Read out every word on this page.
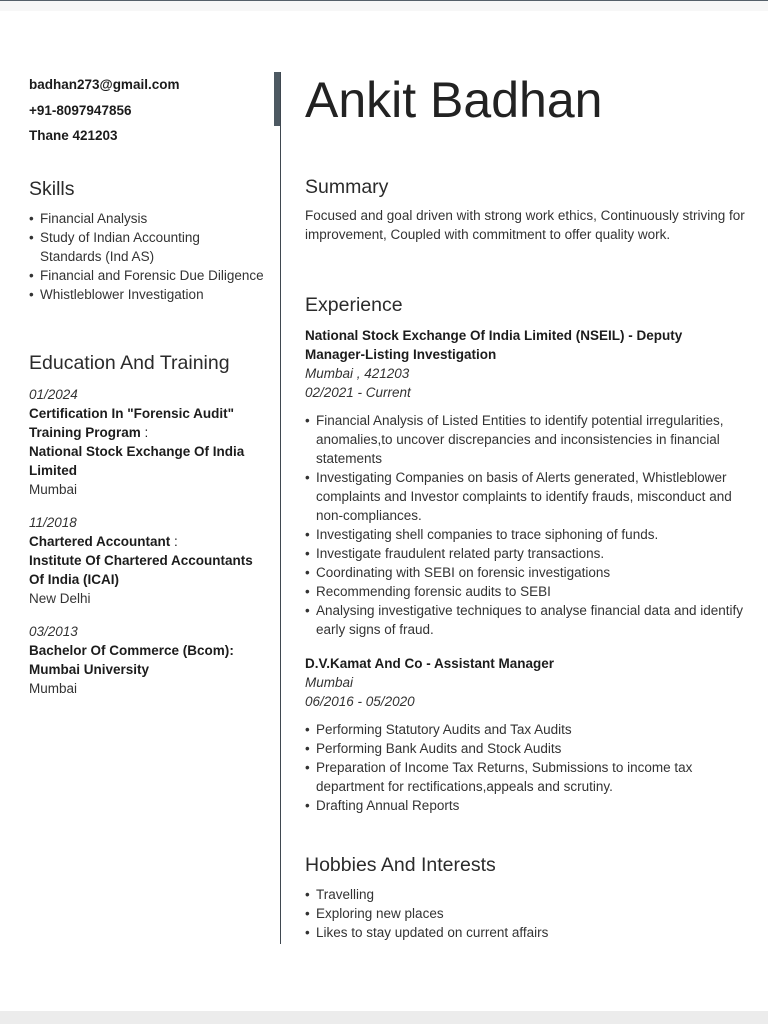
badhan273@gmail.com
+91-8097947856
Thane 421203
Skills
• Financial Analysis
• Study of Indian Accounting Standards (Ind AS)
• Financial and Forensic Due Diligence
• Whistleblower Investigation
Education And Training
01/2024
Certification In "Forensic Audit" Training Program :
National Stock Exchange Of India Limited
Mumbai
11/2018
Chartered Accountant :
Institute Of Chartered Accountants Of India (ICAI)
New Delhi
03/2013
Bachelor Of Commerce (Bcom):
Mumbai University
Mumbai
Ankit Badhan
Summary

Focused and goal driven with strong work ethics, Continuously striving for improvement, Coupled with commitment to offer quality work.

Experience
National Stock Exchange Of India Limited (NSEIL) - Deputy Manager-Listing Investigation
Mumbai , 421203
02/2021 - Current
• Financial Analysis of Listed Entities to identify potential irregularities, anomalies,to uncover discrepancies and inconsistencies in financial statements
• Investigating Companies on basis of Alerts generated, Whistleblower complaints and Investor complaints to identify frauds, misconduct and non-compliances.
• Investigating shell companies to trace siphoning of funds.
• Investigate fraudulent related party transactions.
• Coordinating with SEBI on forensic investigations
• Recommending forensic audits to SEBI
• Analysing investigative techniques to analyse financial data and identify early signs of fraud.
D.V.Kamat And Co - Assistant Manager
Mumbai
06/2016 - 05/2020
• Performing Statutory Audits and Tax Audits
• Performing Bank Audits and Stock Audits
• Preparation of Income Tax Returns, Submissions to income tax department for rectifications,appeals and scrutiny.
• Drafting Annual Reports
Hobbies And Interests
• Travelling
• Exploring new places
• Likes to stay updated on current affairs
